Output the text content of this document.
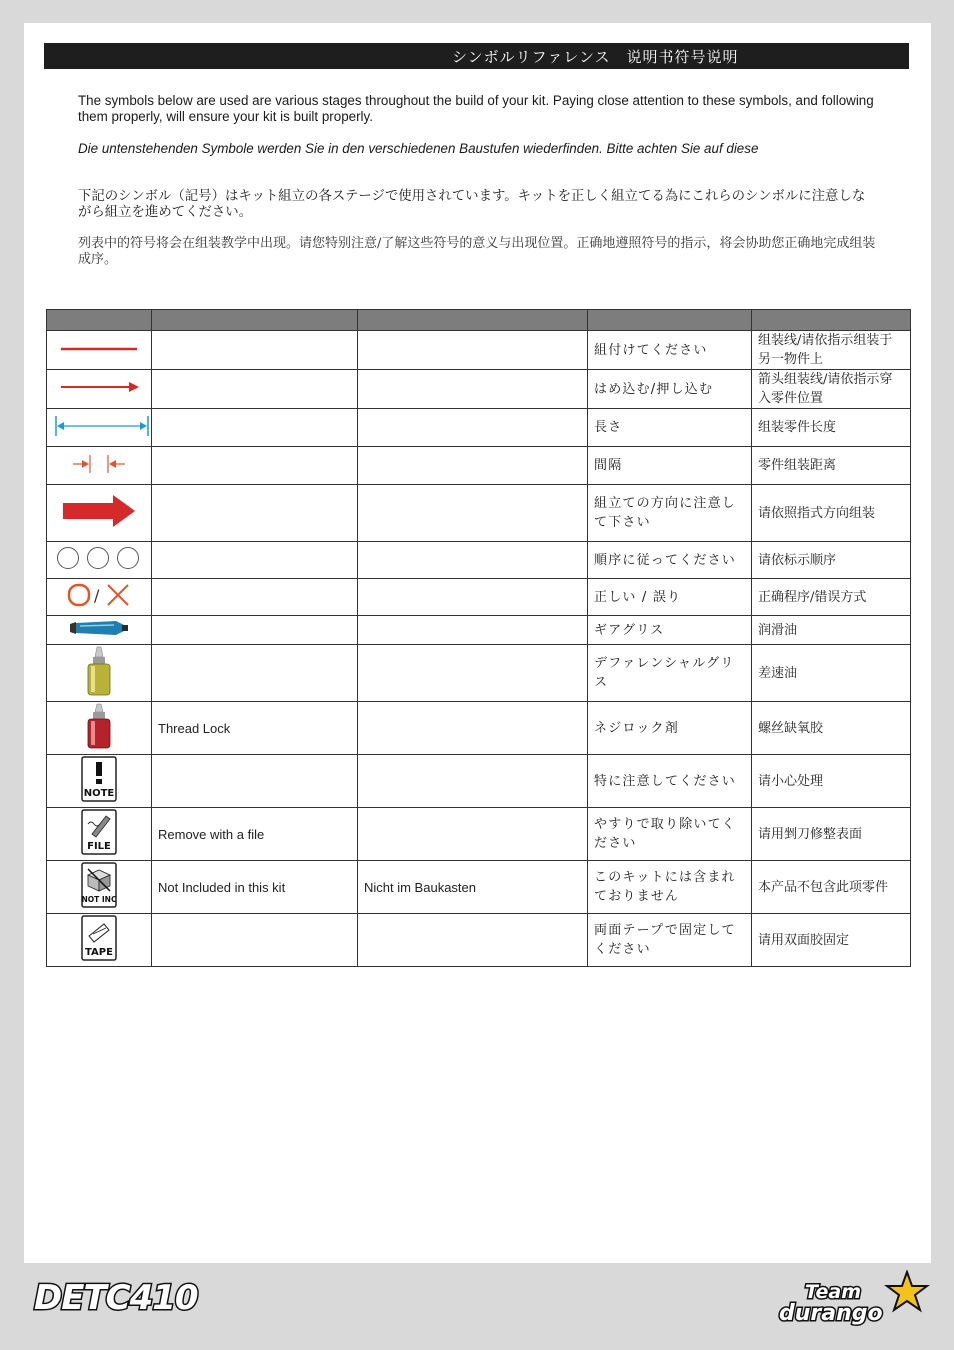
シンボルリファレンス　说明书符号说明
The symbols below are used are various stages throughout the build of your kit. Paying close attention to these symbols, and following them properly, will ensure your kit is built properly.
Die untenstehenden Symbole werden Sie in den verschiedenen Baustufen wiederfinden. Bitte achten Sie auf diese
下記のシンボル（記号）はキット組立の各ステージで使用されています。キットを正しく組立てる為にこれらのシンボルに注意しながら組立を進めてください。
列表中的符号将会在组装教学中出现。请您特别注意/了解这些符号的意义与出现位置。正确地遵照符号的指示，将会协助您正确地完成组装成序。

			組付けてください	组装线/请依指示组装于另一物件上
			はめ込む/押し込む	箭头组装线/请依指示穿入零件位置
			長さ	组装零件长度
			間隔	零件组装距离
			組立ての方向に注意して下さい	请依照指式方向组装
			順序に従ってください	请依标示顺序

/			正しい / 誤り	正确程序/错误方式
			ギアグリス	润滑油
			デファレンシャルグリス	差速油
	Thread Lock		ネジロック剤	螺丝缺氧胶

NOTE			特に注意してください	请小心处理

FILE	Remove with a file		やすりで取り除いてください	请用剉刀修整表面

NOT INC	Not Included in this kit	Nicht im Baukasten	このキットには含まれておりません	本产品不包含此项零件

TAPE			両面テープで固定してください	请用双面胶固定
DETC410	Team
durango
